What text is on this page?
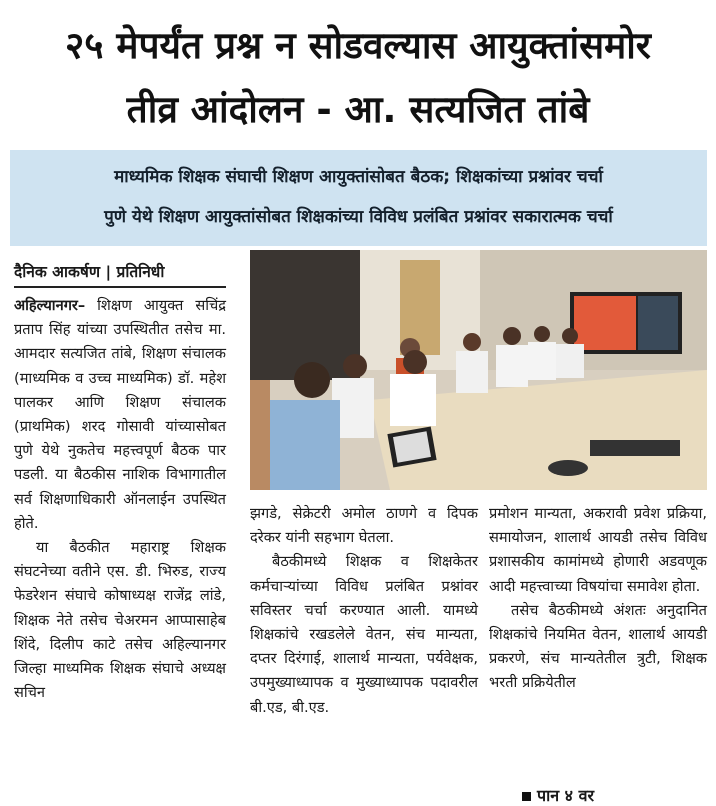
२५ मेपर्यंत प्रश्न न सोडवल्यास आयुक्तांसमोर
तीव्र आंदोलन - आ. सत्यजित तांबे
माध्यमिक शिक्षक संघाची शिक्षण आयुक्तांसोबत बैठक; शिक्षकांच्या प्रश्नांवर चर्चा
पुणे येथे शिक्षण आयुक्तांसोबत शिक्षकांच्या विविध प्रलंबित प्रश्नांवर सकारात्मक चर्चा
दैनिक आकर्षण | प्रतिनिधी

अहिल्यानगर– शिक्षण आयुक्त सचिंद्र प्रताप सिंह यांच्या उपस्थितीत तसेच मा. आमदार सत्यजित तांबे, शिक्षण संचालक (माध्यमिक व उच्च माध्यमिक) डॉ. महेश पालकर आणि शिक्षण संचालक (प्राथमिक) शरद गोसावी यांच्यासोबत पुणे येथे नुकतेच महत्त्वपूर्ण बैठक पार पडली. या बैठकीस नाशिक विभागातील सर्व शिक्षणाधिकारी ऑनलाईन उपस्थित होते.

या बैठकीत महाराष्ट्र शिक्षक संघटनेच्या वतीने एस. डी. भिरुड, राज्य फेडरेशन संघाचे कोषाध्यक्ष राजेंद्र लांडे, शिक्षक नेते तसेच चेअरमन आप्पासाहेब शिंदे, दिलीप काटे तसेच अहिल्यानगर जिल्हा माध्यमिक शिक्षक संघाचे अध्यक्ष सचिन

झगडे, सेक्रेटरी अमोल ठाणगे व दिपक दरेकर यांनी सहभाग घेतला.

बैठकीमध्ये शिक्षक व शिक्षकेतर कर्मचाऱ्यांच्या विविध प्रलंबित प्रश्नांवर सविस्तर चर्चा करण्यात आली. यामध्ये शिक्षकांचे रखडलेले वेतन, संच मान्यता, दप्तर दिरंगाई, शालार्थ मान्यता, पर्यवेक्षक, उपमुख्याध्यापक व मुख्याध्यापक पदावरील बी.एड, बी.एड.

प्रमोशन मान्यता, अकरावी प्रवेश प्रक्रिया, समायोजन, शालार्थ आयडी तसेच विविध प्रशासकीय कामांमध्ये होणारी अडवणूक आदी महत्त्वाच्या विषयांचा समावेश होता.

तसेच बैठकीमध्ये अंशतः अनुदानित शिक्षकांचे नियमित वेतन, शालार्थ आयडी प्रकरणे, संच मान्यतेतील त्रुटी, शिक्षक भरती प्रक्रियेतील

पान ४ वर
